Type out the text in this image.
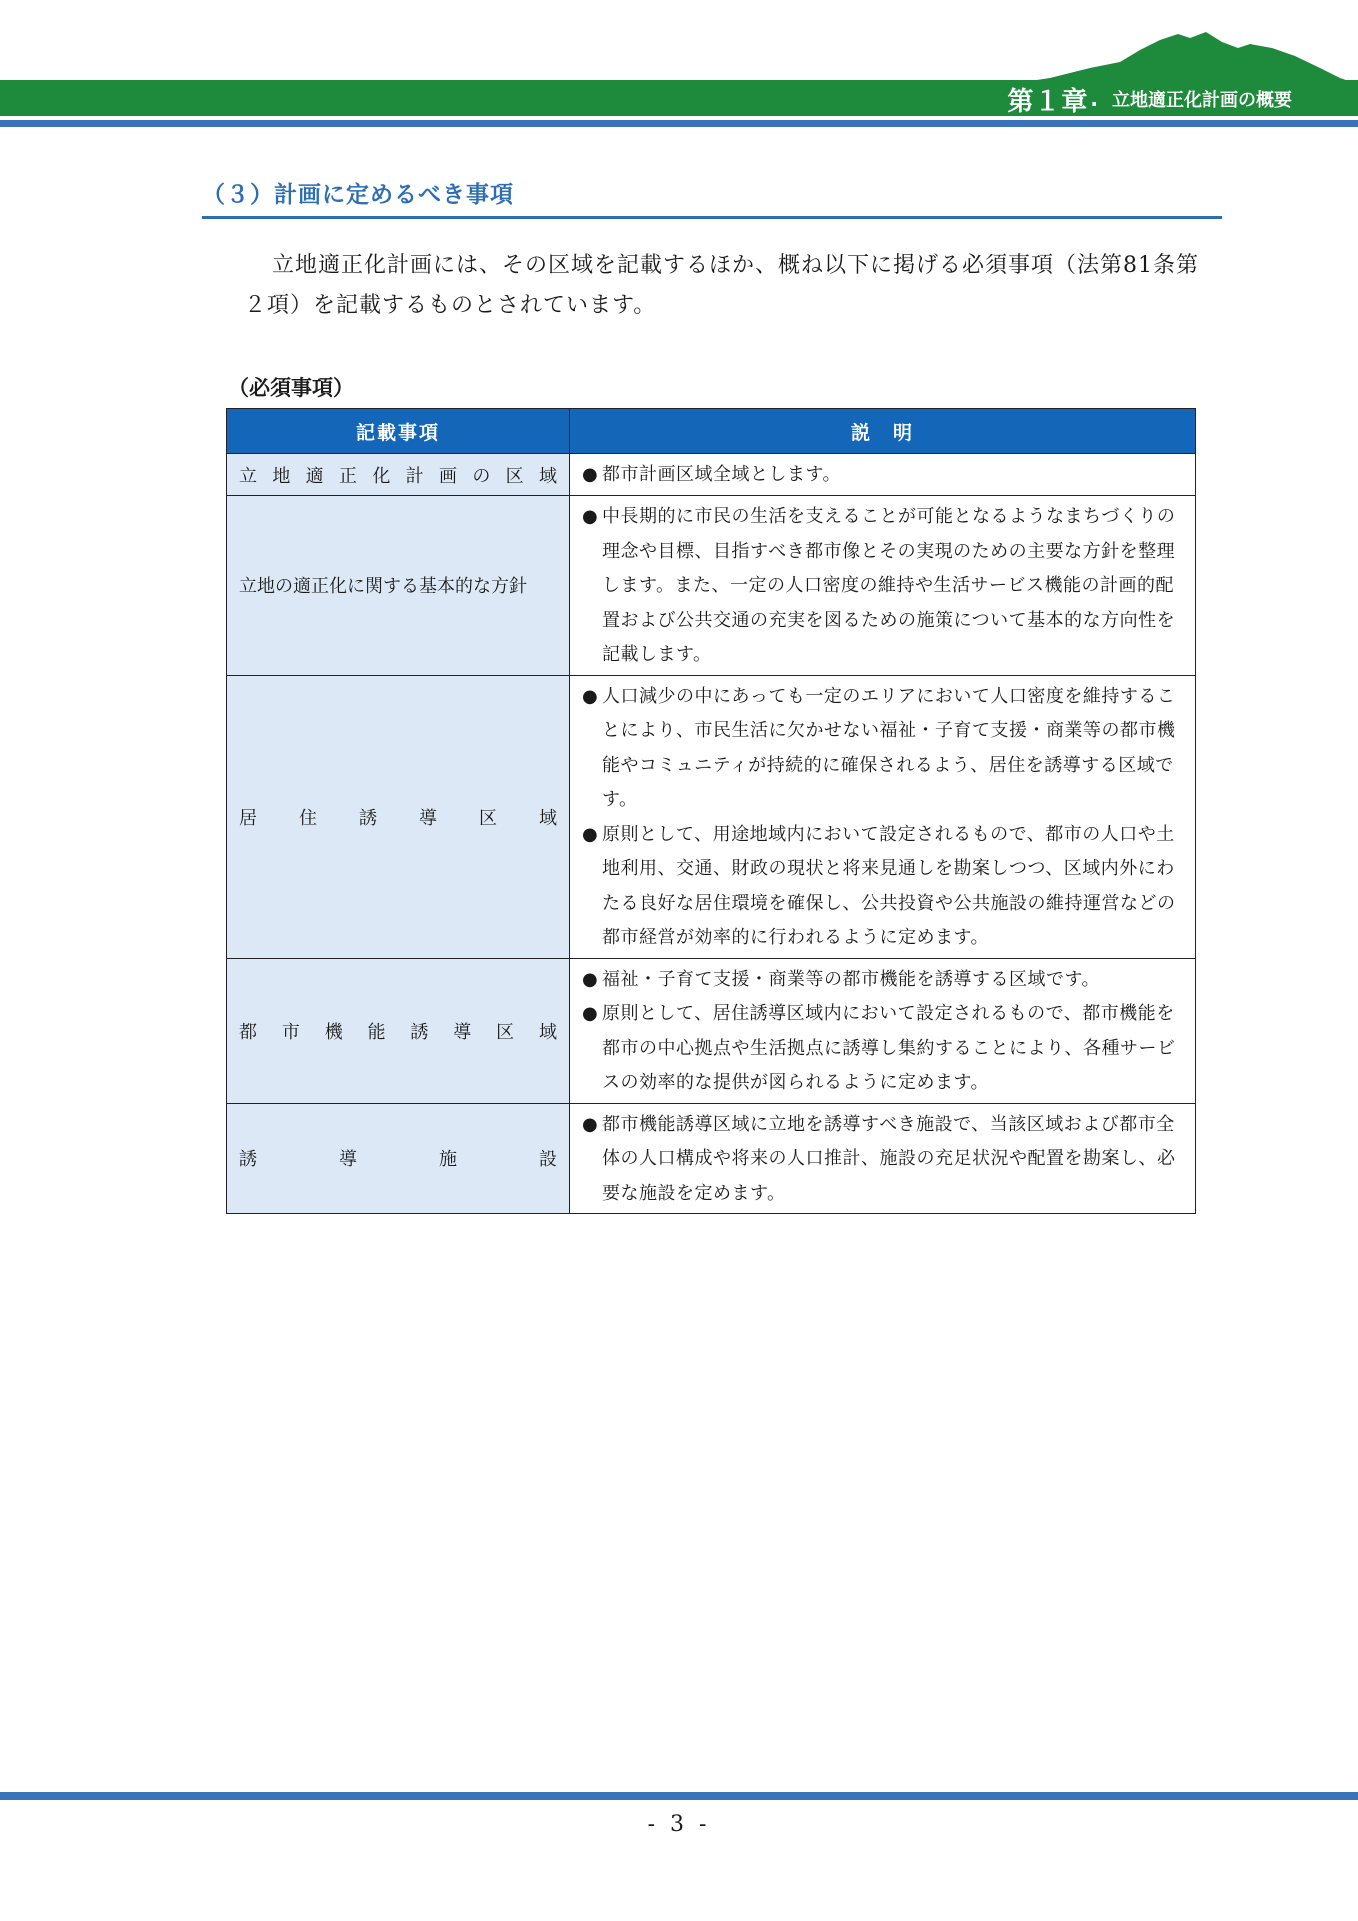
第１章 . 立地適正化計画の概要
（３）計画に定めるべき事項

立地適正化計画には、その区域を記載するほか、概ね以下に掲げる必須事項（法第81条第２項）を記載するものとされています。

（必須事項）
記載事項	説　明
立地適正化計画の区域	● 都市計画区域全域とします。

立地の適正化に関する基本的な方針	● 中長期的に市民の生活を支えることが可能となるようなまちづくりの理念や目標、目指すべき都市像とその実現のための主要な方針を整理します。また、一定の人口密度の維持や生活サービス機能の計画的配置および公共交通の充実を図るための施策について基本的な方向性を記載します。

居住誘導区域	● 人口減少の中にあっても一定のエリアにおいて人口密度を維持することにより、市民生活に欠かせない福祉・子育て支援・商業等の都市機能やコミュニティが持続的に確保されるよう、居住を誘導する区域です。
● 原則として、用途地域内において設定されるもので、都市の人口や土地利用、交通、財政の現状と将来見通しを勘案しつつ、区域内外にわたる良好な居住環境を確保し、公共投資や公共施設の維持運営などの都市経営が効率的に行われるように定めます。

都市機能誘導区域	● 福祉・子育て支援・商業等の都市機能を誘導する区域です。
● 原則として、居住誘導区域内において設定されるもので、都市機能を都市の中心拠点や生活拠点に誘導し集約することにより、各種サービスの効率的な提供が図られるように定めます。

誘導施設	● 都市機能誘導区域に立地を誘導すべき施設で、当該区域および都市全体の人口構成や将来の人口推計、施設の充足状況や配置を勘案し、必要な施設を定めます。
- 3 -
